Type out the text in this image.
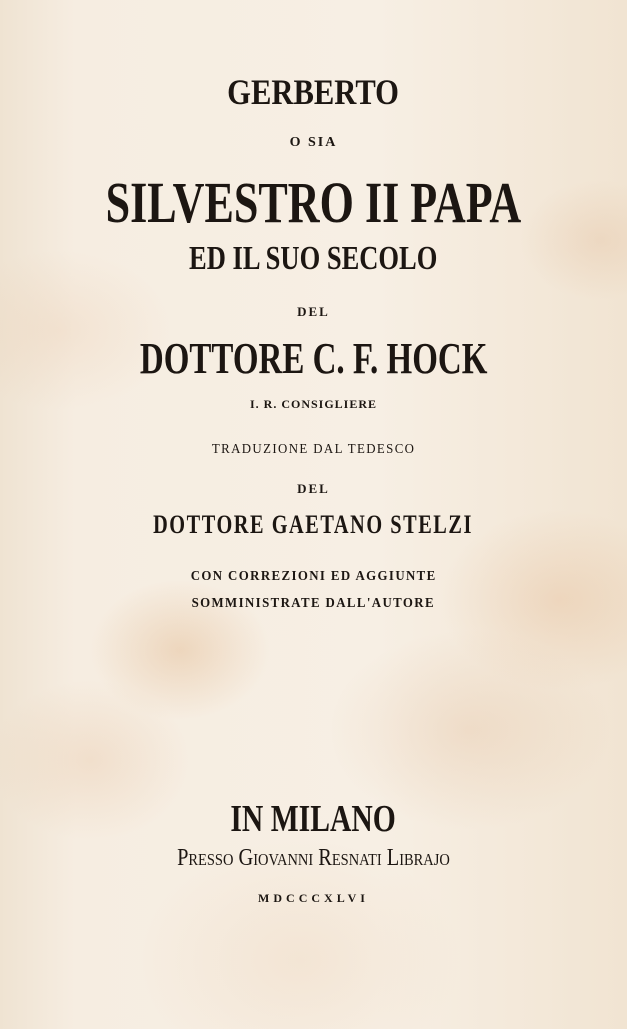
GERBERTO
O SIA
SILVESTRO II PAPA
ED IL SUO SECOLO
DEL
DOTTORE C. F. HOCK
I. R. CONSIGLIERE
TRADUZIONE DAL TEDESCO
DEL
DOTTORE GAETANO STELZI
CON CORREZIONI ED AGGIUNTE
SOMMINISTRATE DALL'AUTORE
IN MILANO
Presso Giovanni Resnati Librajo
MDCCCXLVI
